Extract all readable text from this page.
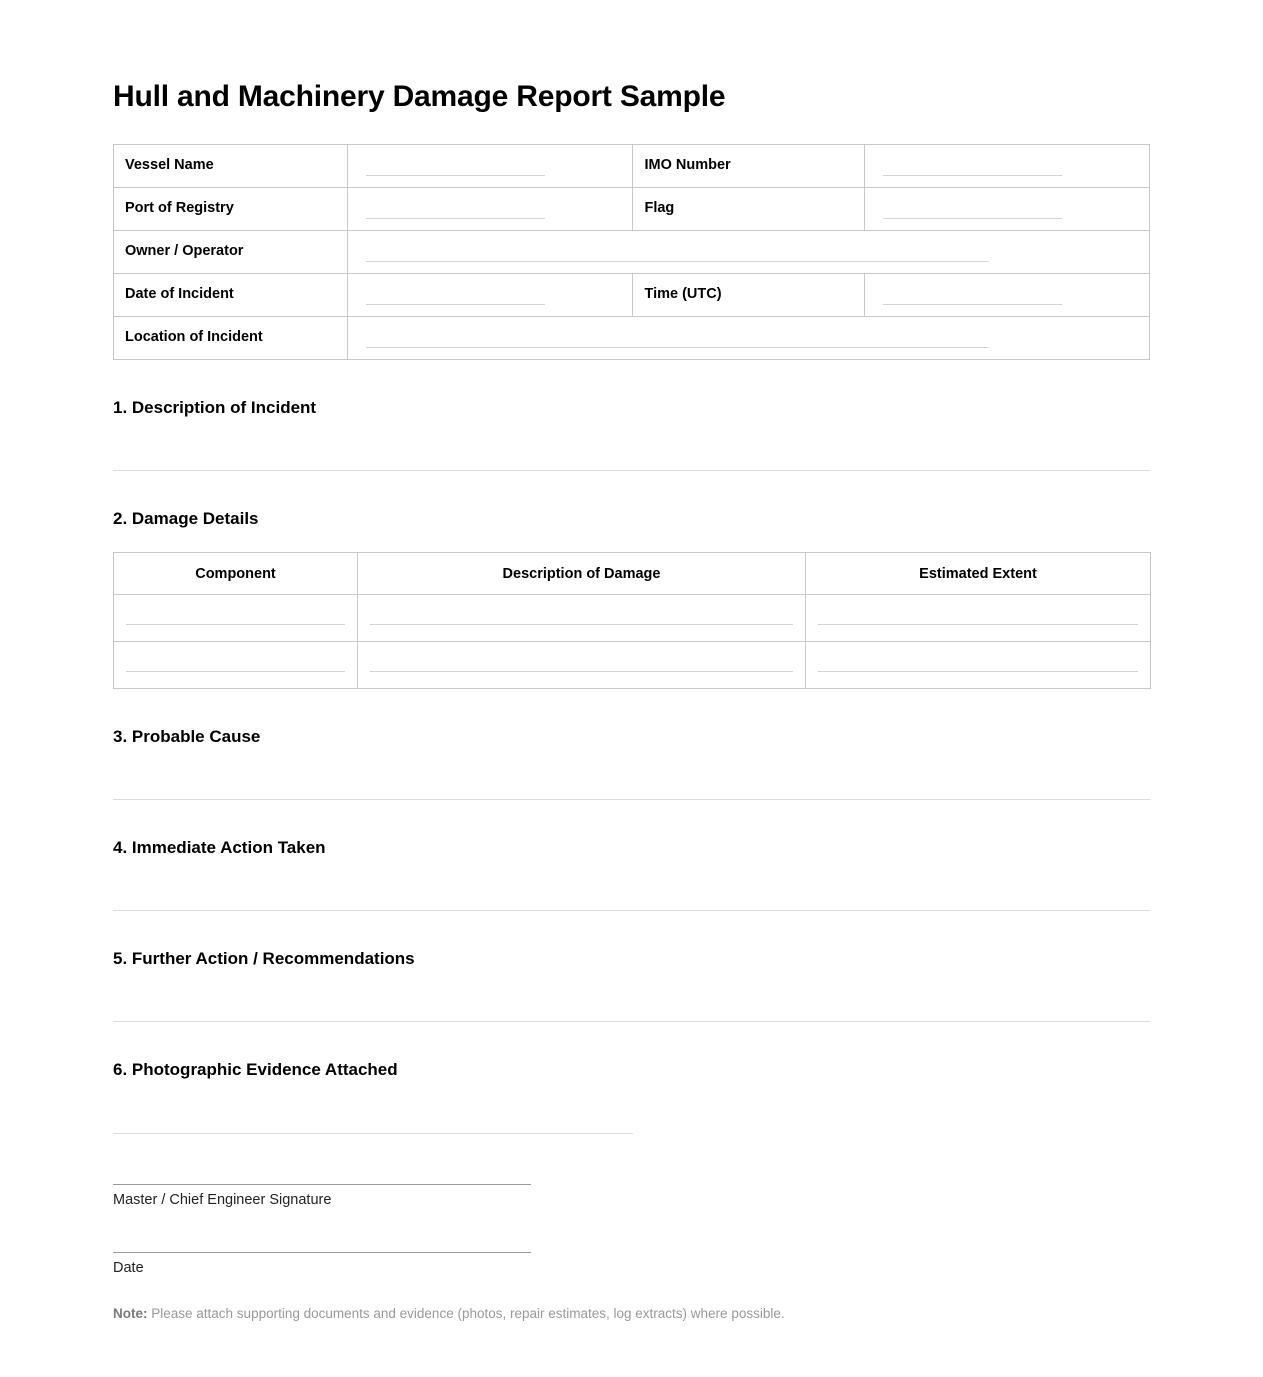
Hull and Machinery Damage Report Sample
Vessel Name		IMO Number	

Port of Registry		Flag	

Owner / Operator			

Date of Incident		Time (UTC)	

Location of Incident			
1. Description of Incident
2. Damage Details
Component	Description of Damage	Estimated Extent

3. Probable Cause
4. Immediate Action Taken
5. Further Action / Recommendations
6. Photographic Evidence Attached

Master / Chief Engineer Signature

Date

Note: Please attach supporting documents and evidence (photos, repair estimates, log extracts) where possible.
